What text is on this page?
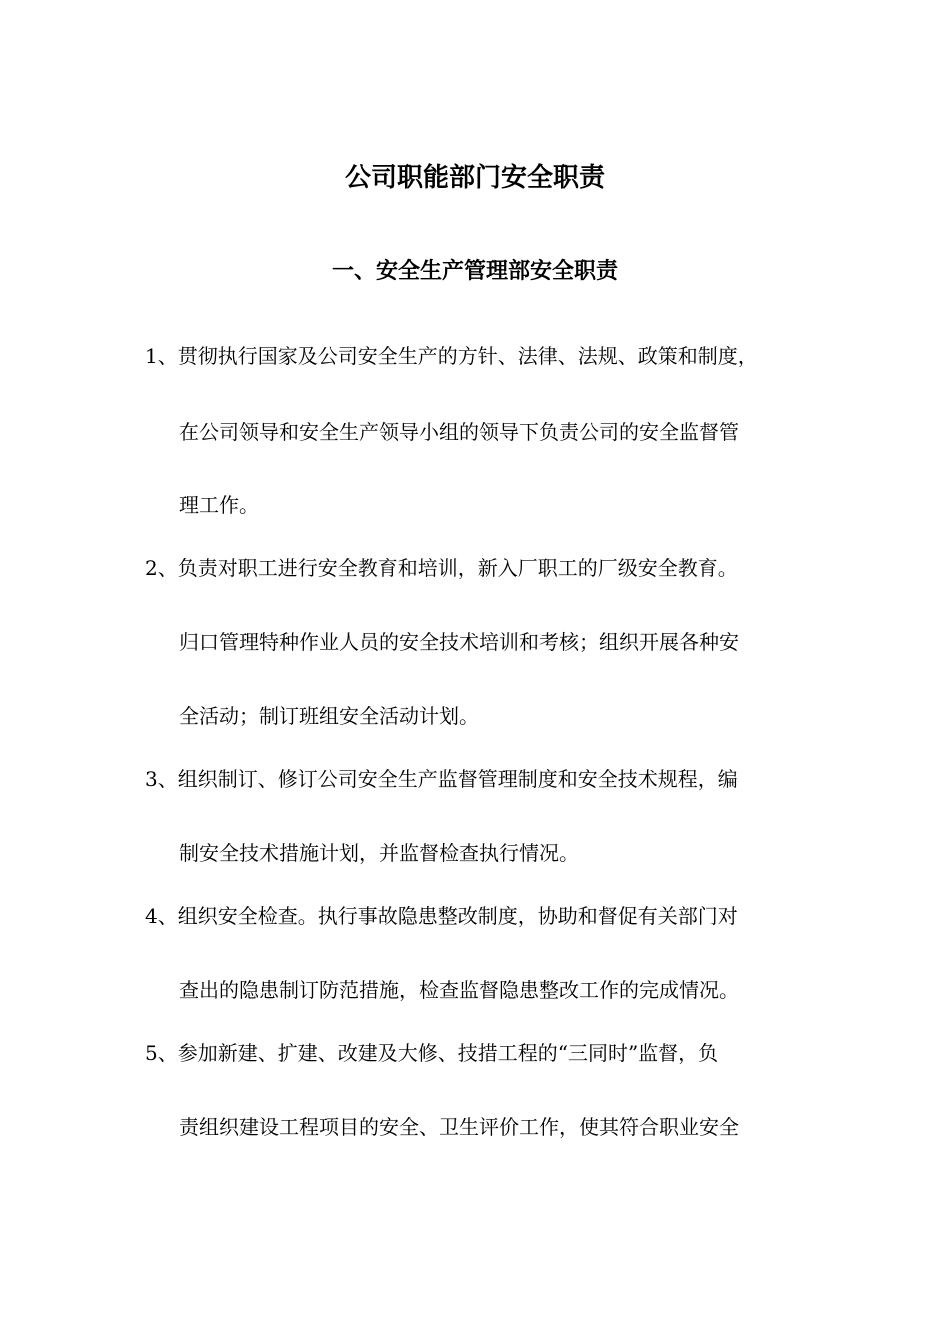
公司职能部门安全职责
一、安全生产管理部安全职责
1、贯彻执行国家及公司安全生产的方针、法律、法规、政策和制度，
在公司领导和安全生产领导小组的领导下负责公司的安全监督管
理工作。
2、负责对职工进行安全教育和培训，新入厂职工的厂级安全教育。
归口管理特种作业人员的安全技术培训和考核；组织开展各种安
全活动；制订班组安全活动计划。
3、组织制订、修订公司安全生产监督管理制度和安全技术规程，编
制安全技术措施计划，并监督检查执行情况。
4、组织安全检查。执行事故隐患整改制度，协助和督促有关部门对
查出的隐患制订防范措施，检查监督隐患整改工作的完成情况。
5、参加新建、扩建、改建及大修、技措工程的“三同时”监督，负
责组织建设工程项目的安全、卫生评价工作，使其符合职业安全
